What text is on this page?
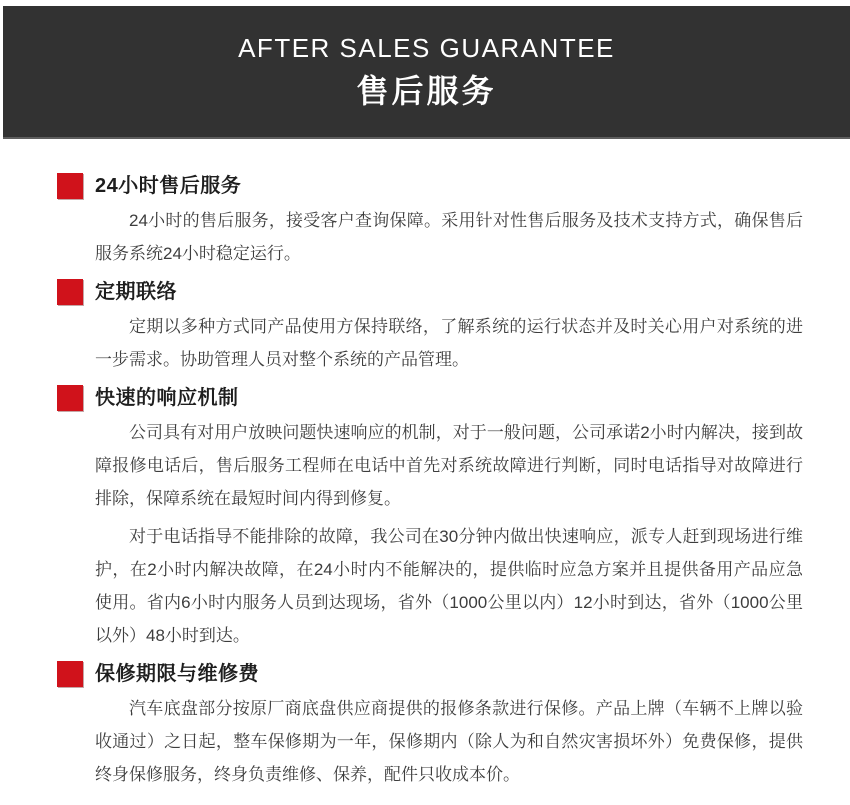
AFTER SALES GUARANTEE
售后服务
24小时售后服务

24小时的售后服务，接受客户查询保障。采用针对性售后服务及技术支持方式，确保售后服务系统24小时稳定运行。

定期联络

定期以多种方式同产品使用方保持联络，了解系统的运行状态并及时关心用户对系统的进一步需求。协助管理人员对整个系统的产品管理。

快速的响应机制

公司具有对用户放映问题快速响应的机制，对于一般问题，公司承诺2小时内解决，接到故障报修电话后，售后服务工程师在电话中首先对系统故障进行判断，同时电话指导对故障进行排除，保障系统在最短时间内得到修复。

对于电话指导不能排除的故障，我公司在30分钟内做出快速响应，派专人赶到现场进行维护，在2小时内解决故障，在24小时内不能解决的，提供临时应急方案并且提供备用产品应急使用。省内6小时内服务人员到达现场，省外（1000公里以内）12小时到达，省外（1000公里以外）48小时到达。

保修期限与维修费

汽车底盘部分按原厂商底盘供应商提供的报修条款进行保修。产品上牌（车辆不上牌以验收通过）之日起，整车保修期为一年，保修期内（除人为和自然灾害损坏外）免费保修，提供终身保修服务，终身负责维修、保养，配件只收成本价。
